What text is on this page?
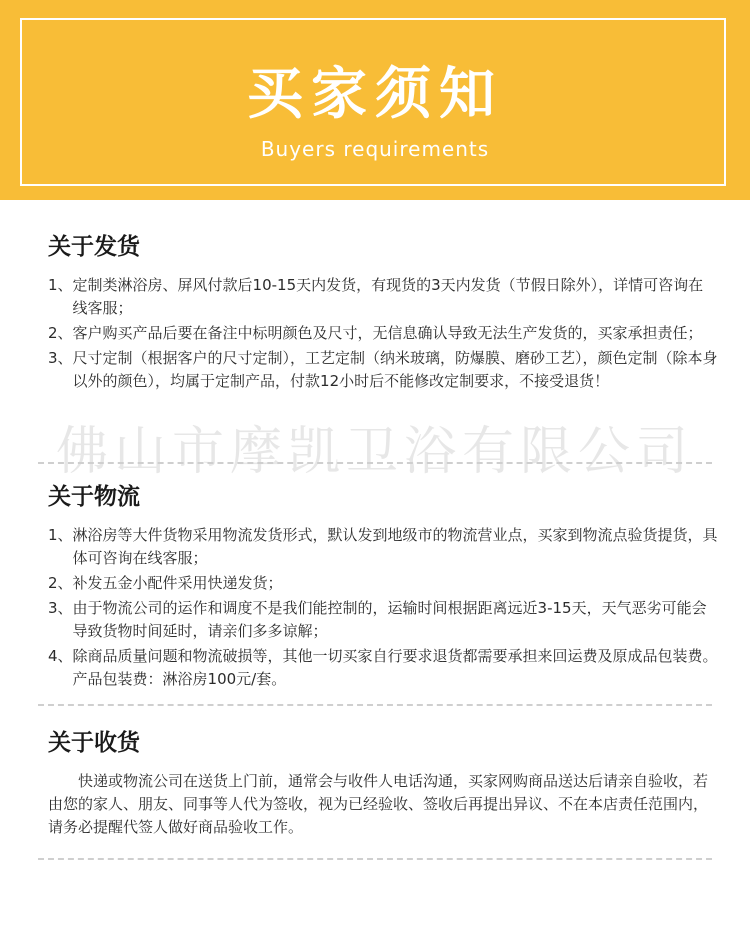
买家须知
Buyers requirements
佛山市摩凯卫浴有限公司
关于发货
1、 定制类淋浴房、屏风付款后10-15天内发货，有现货的3天内发货（节假日除外），详情可咨询在线客服；
2、 客户购买产品后要在备注中标明颜色及尺寸，无信息确认导致无法生产发货的，买家承担责任；
3、 尺寸定制（根据客户的尺寸定制），工艺定制（纳米玻璃，防爆膜、磨砂工艺），颜色定制（除本身以外的颜色），均属于定制产品，付款12小时后不能修改定制要求，不接受退货！
关于物流
1、 淋浴房等大件货物采用物流发货形式，默认发到地级市的物流营业点，买家到物流点验货提货，具体可咨询在线客服；
2、 补发五金小配件采用快递发货；
3、 由于物流公司的运作和调度不是我们能控制的，运输时间根据距离远近3-15天，天气恶劣可能会导致货物时间延时，请亲们多多谅解；
4、 除商品质量问题和物流破损等，其他一切买家自行要求退货都需要承担来回运费及原成品包装费。产品包装费：淋浴房100元/套。
关于收货
快递或物流公司在送货上门前，通常会与收件人电话沟通，买家网购商品送达后请亲自验收，若由您的家人、朋友、同事等人代为签收，视为已经验收、签收后再提出异议、不在本店责任范围内，请务必提醒代签人做好商品验收工作。
